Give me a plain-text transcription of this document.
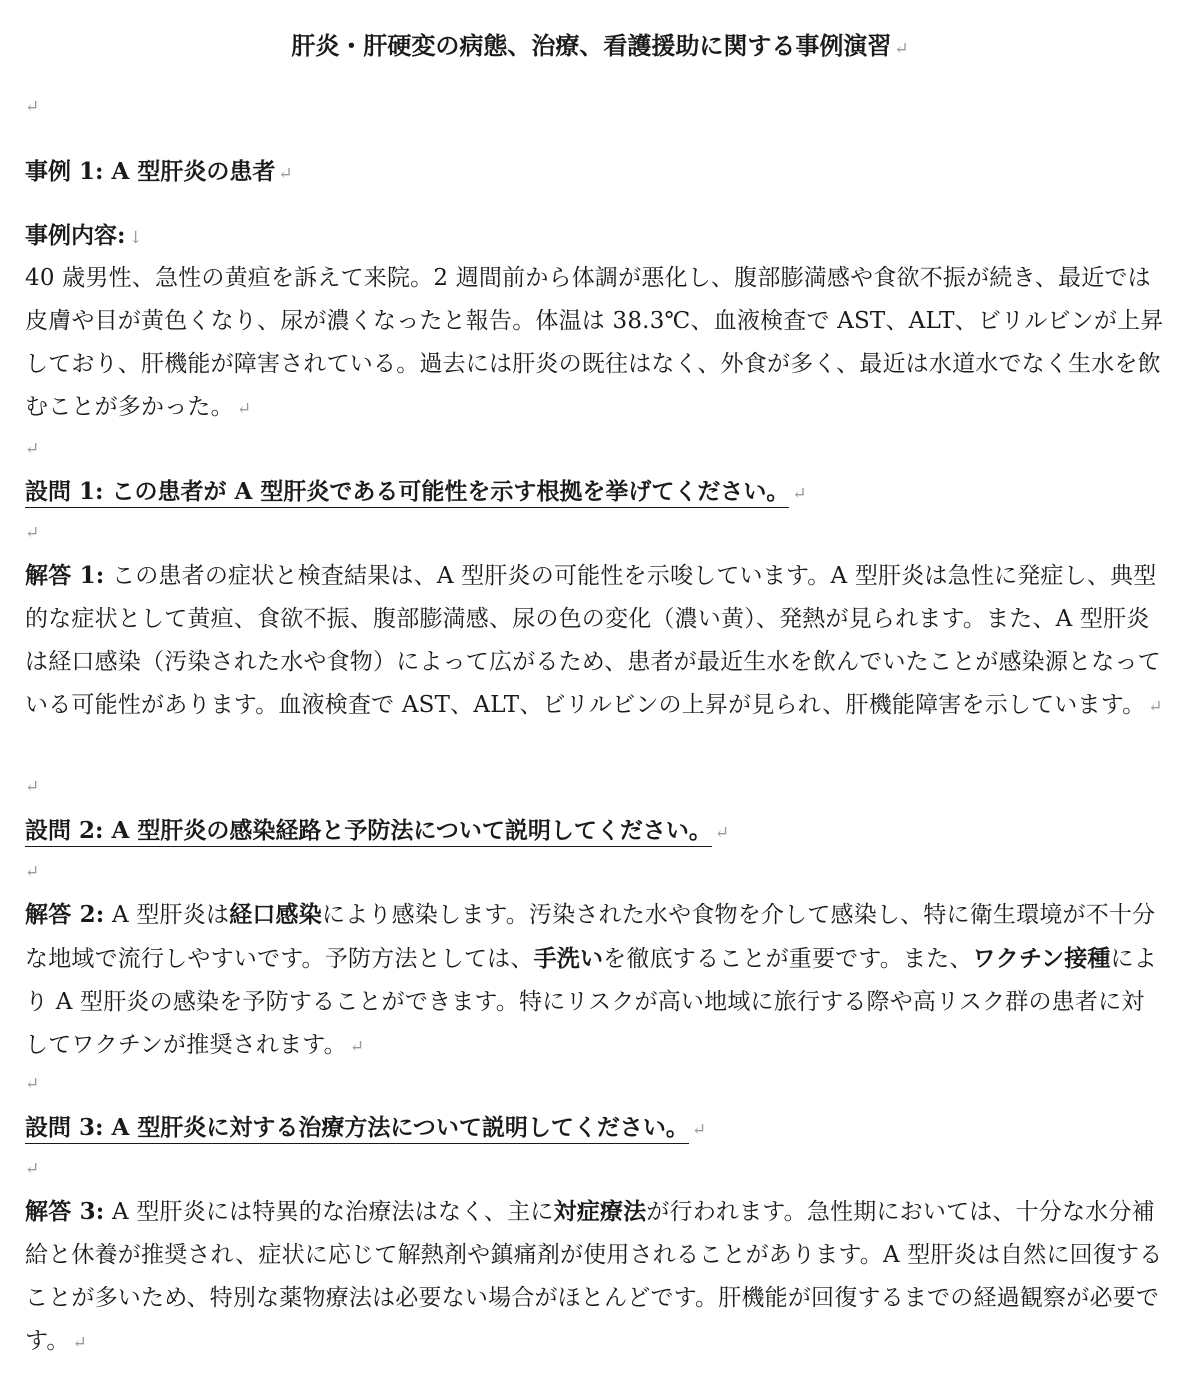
肝炎・肝硬変の病態、治療、看護援助に関する事例演習 ↵
↵
事例 1: A 型肝炎の患者 ↵
事例内容: ↓

40 歳男性、急性の黄疸を訴えて来院。2 週間前から体調が悪化し、腹部膨満感や食欲不振が続き、最近では皮膚や目が黄色くなり、尿が濃くなったと報告。体温は 38.3℃、血液検査で AST、ALT、ビリルビンが上昇しており、肝機能が障害されている。過去には肝炎の既往はなく、外食が多く、最近は水道水でなく生水を飲むことが多かった。 ↵

↵
設問 1: この患者が A 型肝炎である可能性を示す根拠を挙げてください。 ↵
↵

解答 1: この患者の症状と検査結果は、A 型肝炎の可能性を示唆しています。A 型肝炎は急性に発症し、典型的な症状として黄疸、食欲不振、腹部膨満感、尿の色の変化（濃い黄）、発熱が見られます。また、A 型肝炎は経口感染（汚染された水や食物）によって広がるため、患者が最近生水を飲んでいたことが感染源となっている可能性があります。血液検査で AST、ALT、ビリルビンの上昇が見られ、肝機能障害を示しています。 ↵

↵
設問 2: A 型肝炎の感染経路と予防法について説明してください。 ↵
↵

解答 2: A 型肝炎は経口感染により感染します。汚染された水や食物を介して感染し、特に衛生環境が不十分な地域で流行しやすいです。予防方法としては、手洗いを徹底することが重要です。また、ワクチン接種により A 型肝炎の感染を予防することができます。特にリスクが高い地域に旅行する際や高リスク群の患者に対してワクチンが推奨されます。 ↵

↵
設問 3: A 型肝炎に対する治療方法について説明してください。 ↵
↵

解答 3: A 型肝炎には特異的な治療法はなく、主に対症療法が行われます。急性期においては、十分な水分補給と休養が推奨され、症状に応じて解熱剤や鎮痛剤が使用されることがあります。A 型肝炎は自然に回復することが多いため、特別な薬物療法は必要ない場合がほとんどです。肝機能が回復するまでの経過観察が必要です。 ↵
